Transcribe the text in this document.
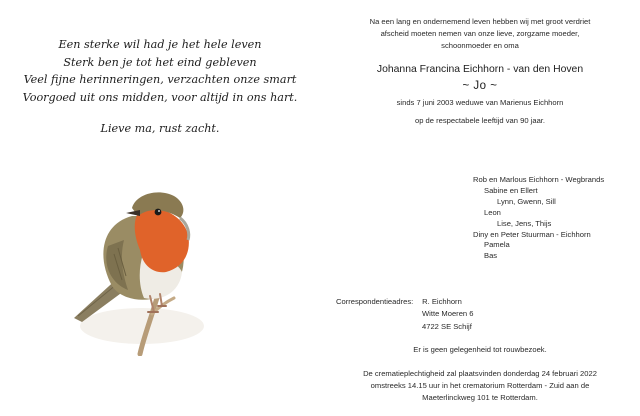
Een sterke wil had je het hele leven
Sterk ben je tot het eind gebleven
Veel fijne herinneringen, verzachten onze smart
Voorgoed uit ons midden, voor altijd in ons hart.
Lieve ma, rust zacht.
Na een lang en ondernemend leven hebben wij met groot verdriet
afscheid moeten nemen van onze lieve, zorgzame moeder,
schoonmoeder en oma
Johanna Francina Eichhorn - van den Hoven
~ Jo ~
sinds 7 juni 2003 weduwe van Marienus Eichhorn
op de respectabele leeftijd van 90 jaar.
Rob en Marlous Eichhorn - Wegbrands
Sabine en Ellert
Lynn, Gwenn, Sill
Leon
Lise, Jens, Thijs
Diny en Peter Stuurman - Eichhorn
Pamela
Bas
Correspondentieadres: R. Eichhorn
Witte Moeren 6
4722 SE Schijf
Er is geen gelegenheid tot rouwbezoek.
De crematieplechtigheid zal plaatsvinden donderdag 24 februari 2022
omstreeks 14.15 uur in het crematorium Rotterdam - Zuid aan de
Maeterlinckweg 101 te Rotterdam.
